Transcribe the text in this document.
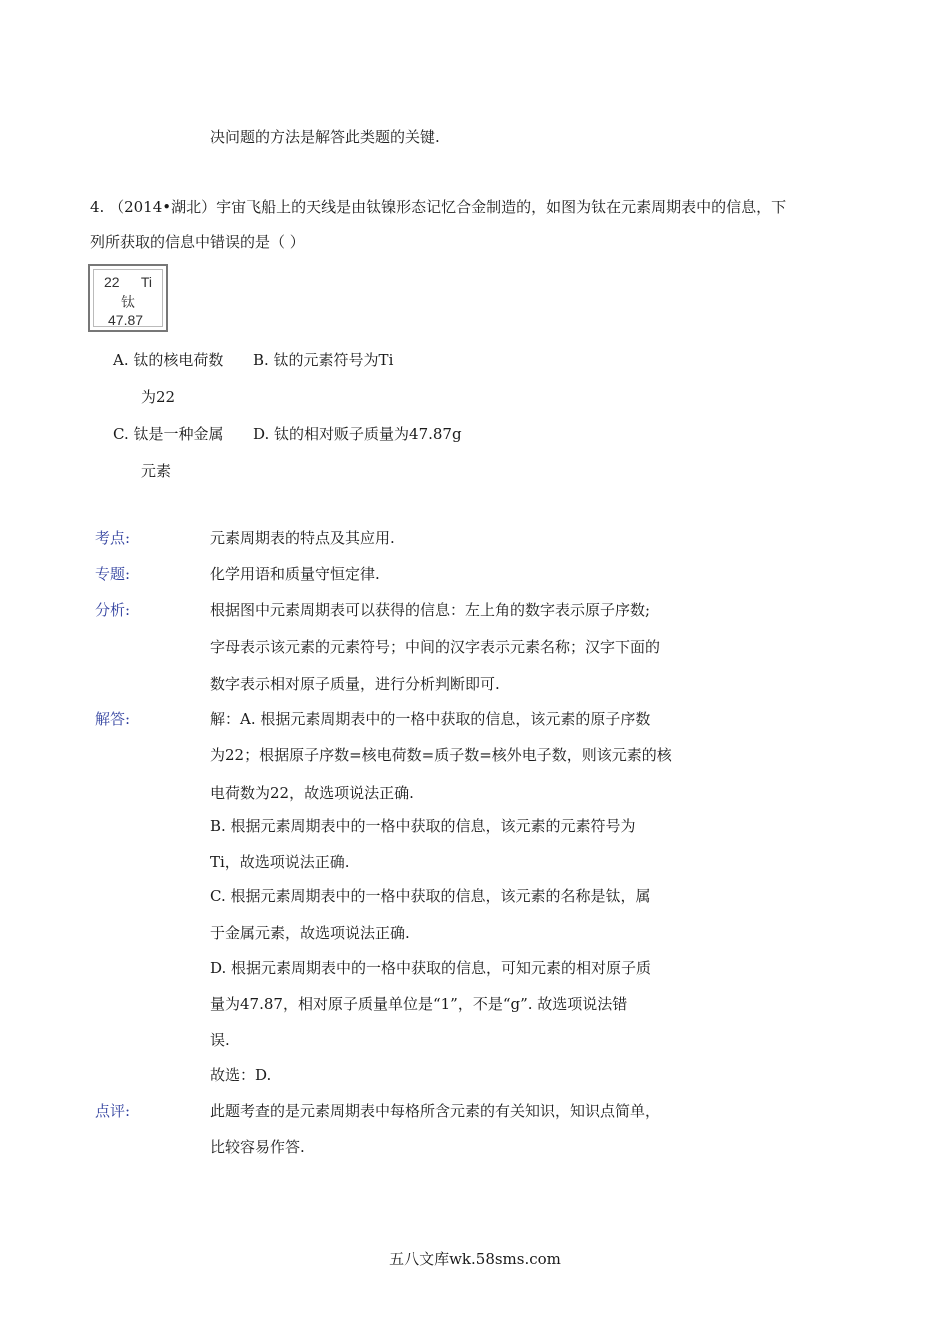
决问题的方法是解答此类题的关键.
4. （2014•湖北）宇宙飞船上的天线是由钛镍形态记忆合金制造的，如图为钛在元素周期表中的信息，下
列所获取的信息中错误的是（ ）
22 Ti
钛
47.87
A. 钛的核电荷数 B. 钛的元素符号为Ti
为22
C. 钛是一种金属 D. 钛的相对贩子质量为47.87g
元素
考点:	元素周期表的特点及其应用.
专题:	化学用语和质量守恒定律.
分析:	根据图中元素周期表可以获得的信息：左上角的数字表示原子序数;
字母表示该元素的元素符号；中间的汉字表示元素名称；汉字下面的
数字表示相对原子质量，进行分析判断即可.
解答:	解：A. 根据元素周期表中的一格中获取的信息，该元素的原子序数
为22；根据原子序数=核电荷数=质子数=核外电子数，则该元素的核
电荷数为22，故选项说法正确.
B. 根据元素周期表中的一格中获取的信息，该元素的元素符号为
Ti，故选项说法正确.
C. 根据元素周期表中的一格中获取的信息，该元素的名称是钛，属
于金属元素，故选项说法正确.
D. 根据元素周期表中的一格中获取的信息，可知元素的相对原子质
量为47.87，相对原子质量单位是“1”，不是“g”. 故选项说法错
误.
故选：D.
点评:	此题考查的是元素周期表中每格所含元素的有关知识，知识点简单，
比较容易作答.
五八文库wk.58sms.com
